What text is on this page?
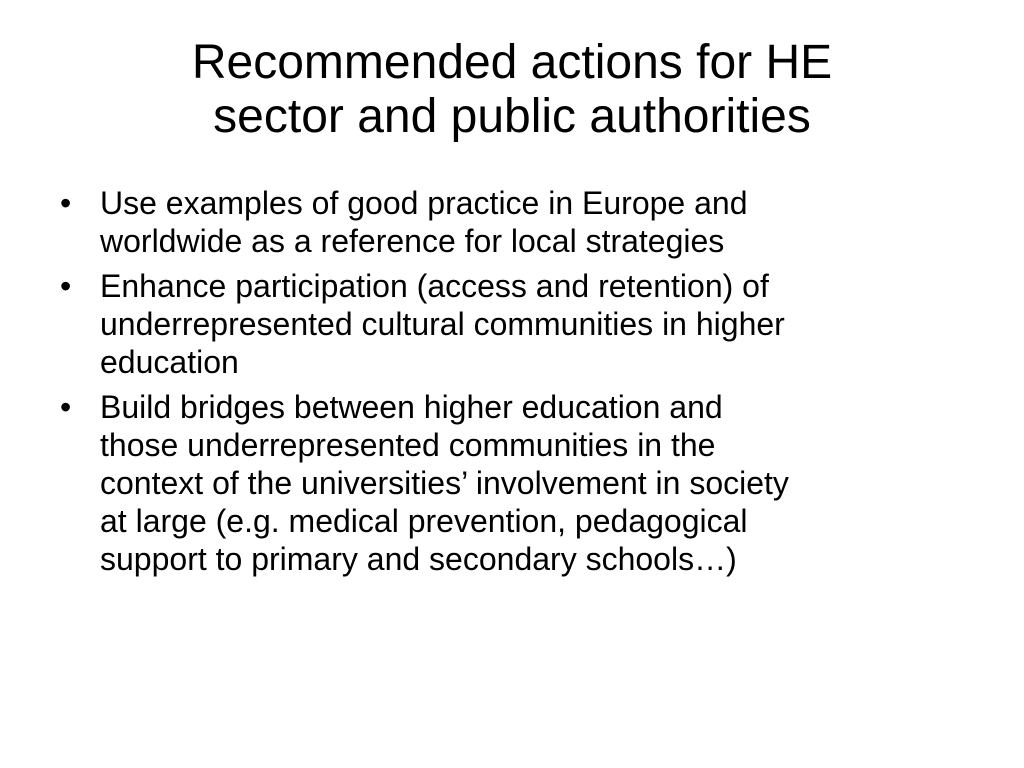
Recommended actions for HE
sector and public authorities
• Use examples of good practice in Europe and
worldwide as a reference for local strategies
• Enhance participation (access and retention) of
underrepresented cultural communities in higher
education
• Build bridges between higher education and
those underrepresented communities in the
context of the universities’ involvement in society
at large (e.g. medical prevention, pedagogical
support to primary and secondary schools…)
